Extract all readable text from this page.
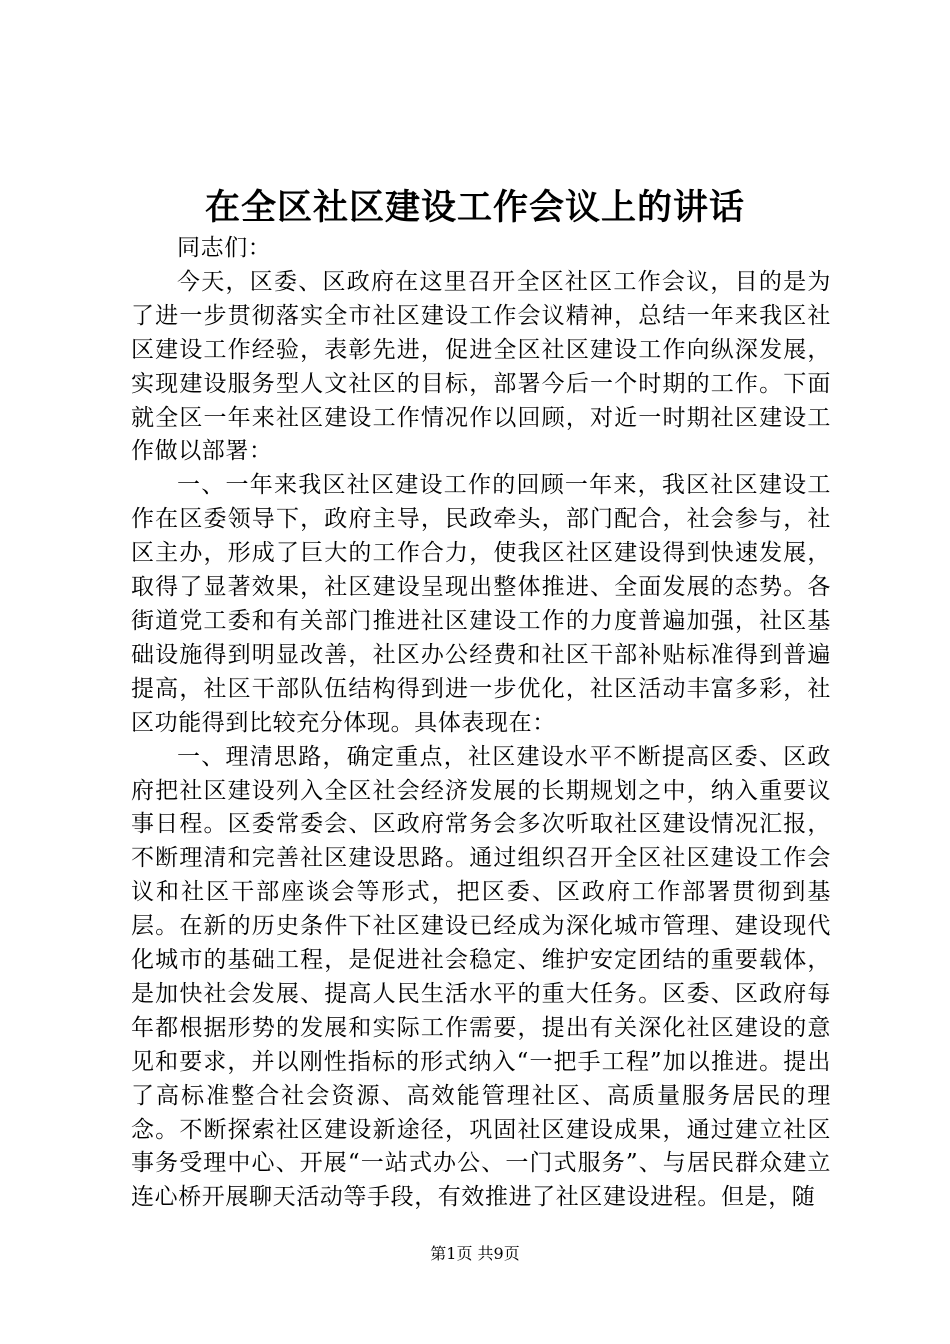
在全区社区建设工作会议上的讲话

同志们：

今天，区委、区政府在这里召开全区社区工作会议，目的是为了进一步贯彻落实全市社区建设工作会议精神，总结一年来我区社区建设工作经验，表彰先进，促进全区社区建设工作向纵深发展，实现建设服务型人文社区的目标，部署今后一个时期的工作。下面就全区一年来社区建设工作情况作以回顾，对近一时期社区建设工作做以部署：

一、一年来我区社区建设工作的回顾一年来，我区社区建设工作在区委领导下，政府主导，民政牵头，部门配合，社会参与，社区主办，形成了巨大的工作合力，使我区社区建设得到快速发展，取得了显著效果，社区建设呈现出整体推进、全面发展的态势。各街道党工委和有关部门推进社区建设工作的力度普遍加强，社区基础设施得到明显改善，社区办公经费和社区干部补贴标准得到普遍提高，社区干部队伍结构得到进一步优化，社区活动丰富多彩，社区功能得到比较充分体现。具体表现在：

一、理清思路，确定重点，社区建设水平不断提高区委、区政府把社区建设列入全区社会经济发展的长期规划之中，纳入重要议事日程。区委常委会、区政府常务会多次听取社区建设情况汇报，不断理清和完善社区建设思路。通过组织召开全区社区建设工作会议和社区干部座谈会等形式，把区委、区政府工作部署贯彻到基层。在新的历史条件下社区建设已经成为深化城市管理、建设现代化城市的基础工程，是促进社会稳定、维护安定团结的重要载体，是加快社会发展、提高人民生活水平的重大任务。区委、区政府每年都根据形势的发展和实际工作需要，提出有关深化社区建设的意见和要求，并以刚性指标的形式纳入“一把手工程”加以推进。提出了高标准整合社会资源、高效能管理社区、高质量服务居民的理念。不断探索社区建设新途径，巩固社区建设成果，通过建立社区事务受理中心、开展“一站式办公、一门式服务”、与居民群众建立连心桥开展聊天活动等手段，有效推进了社区建设进程。但是，随

第1页 共9页
